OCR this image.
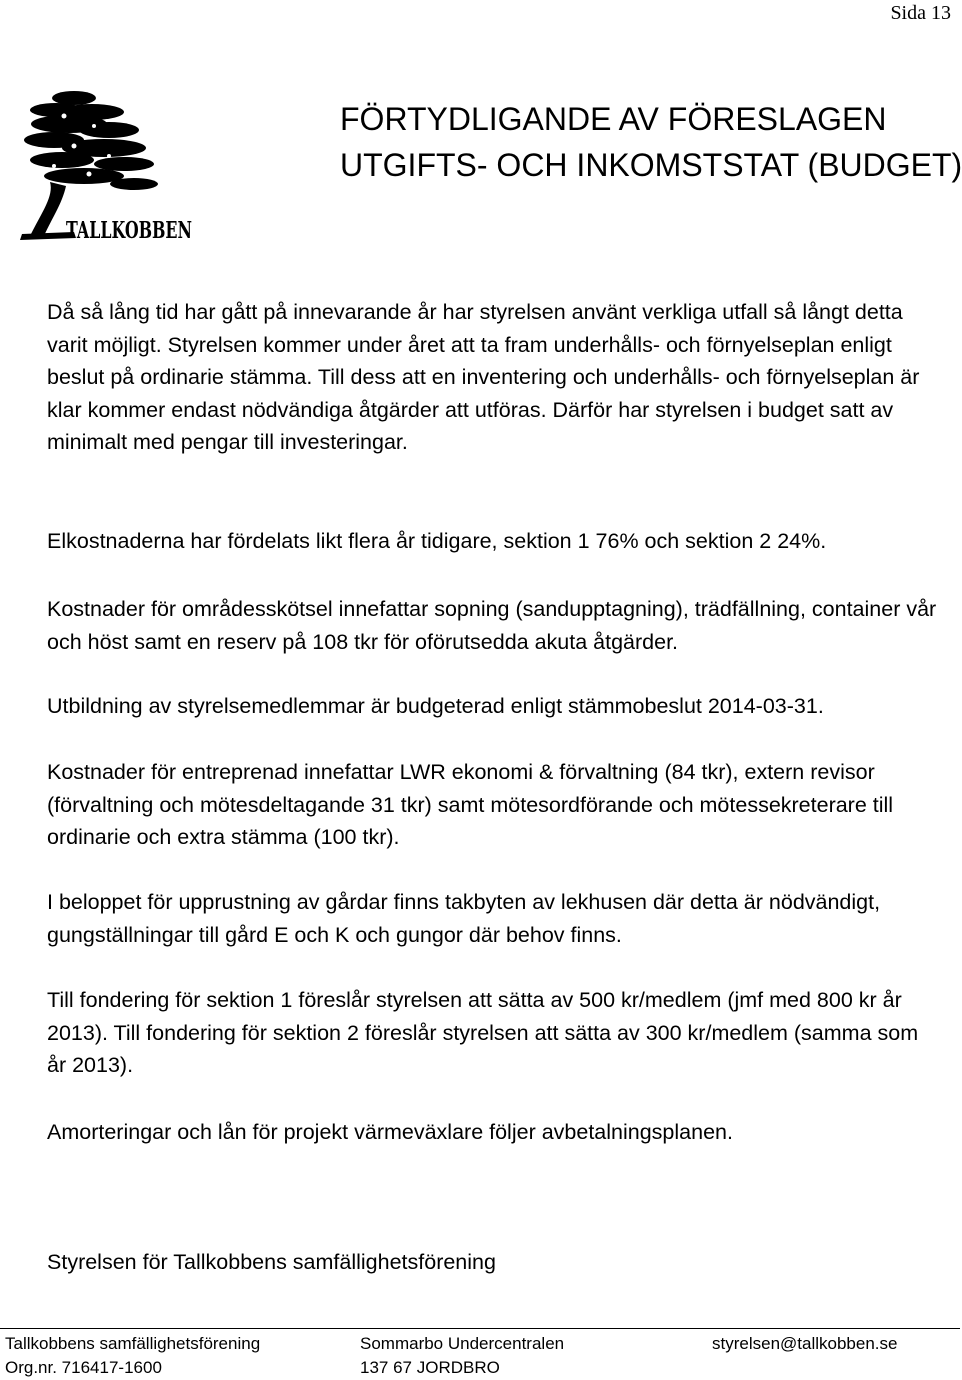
Sida 13
TALLKOBBEN
FÖRTYDLIGANDE AV FÖRESLAGEN
UTGIFTS- OCH INKOMSTSTAT (BUDGET)

Då så lång tid har gått på innevarande år har styrelsen använt verkliga utfall så långt detta varit möjligt. Styrelsen kommer under året att ta fram underhålls- och förnyelseplan enligt beslut på ordinarie stämma. Till dess att en inventering och underhålls- och förnyelseplan är klar kommer endast nödvändiga åtgärder att utföras. Därför har styrelsen i budget satt av minimalt med pengar till investeringar.

Elkostnaderna har fördelats likt flera år tidigare, sektion 1 76% och sektion 2 24%.

Kostnader för områdesskötsel innefattar sopning (sandupptagning), trädfällning, container vår och höst samt en reserv på 108 tkr för oförutsedda akuta åtgärder.

Utbildning av styrelsemedlemmar är budgeterad enligt stämmobeslut 2014-03-31.

Kostnader för entreprenad innefattar LWR ekonomi & förvaltning (84 tkr), extern revisor (förvaltning och mötesdeltagande 31 tkr) samt mötesordförande och mötessekreterare till ordinarie och extra stämma (100 tkr).

I beloppet för upprustning av gårdar finns takbyten av lekhusen där detta är nödvändigt, gungställningar till gård E och K och gungor där behov finns.

Till fondering för sektion 1 föreslår styrelsen att sätta av 500 kr/medlem (jmf med 800 kr år 2013). Till fondering för sektion 2 föreslår styrelsen att sätta av 300 kr/medlem (samma som år 2013).

Amorteringar och lån för projekt värmeväxlare följer avbetalningsplanen.

Styrelsen för Tallkobbens samfällighetsförening

Tallkobbens samfällighetsförening
Org.nr. 716417-1600
Sommarbo Undercentralen
137 67 JORDBRO
styrelsen@tallkobben.se
